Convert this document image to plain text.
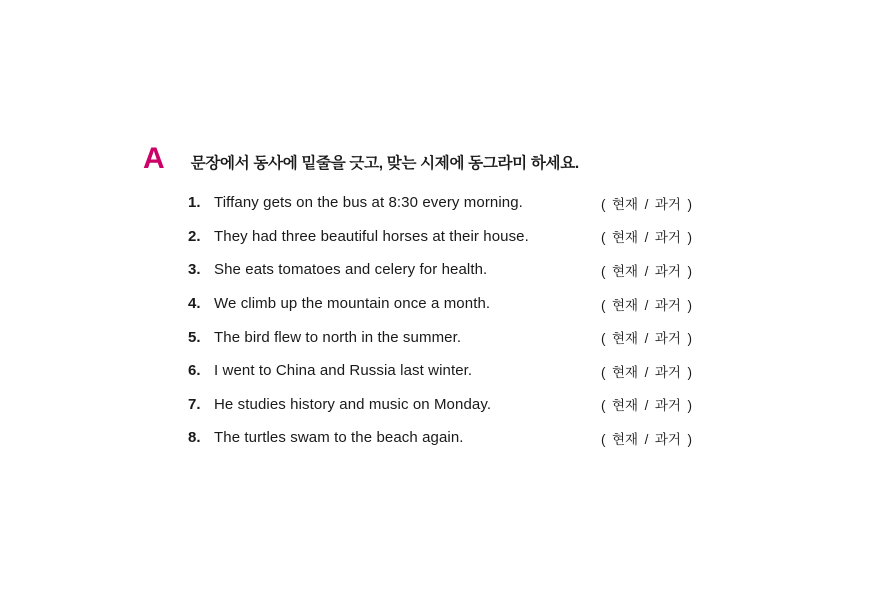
A 문장에서 동사에 밑줄을 긋고, 맞는 시제에 동그라미 하세요.
1. Tiffany gets on the bus at 8:30 every morning.	( 현재 / 과거 )
2. They had three beautiful horses at their house.	( 현재 / 과거 )
3. She eats tomatoes and celery for health.	( 현재 / 과거 )
4. We climb up the mountain once a month.	( 현재 / 과거 )
5. The bird flew to north in the summer.	( 현재 / 과거 )
6. I went to China and Russia last winter.	( 현재 / 과거 )
7. He studies history and music on Monday.	( 현재 / 과거 )
8. The turtles swam to the beach again.	( 현재 / 과거 )
